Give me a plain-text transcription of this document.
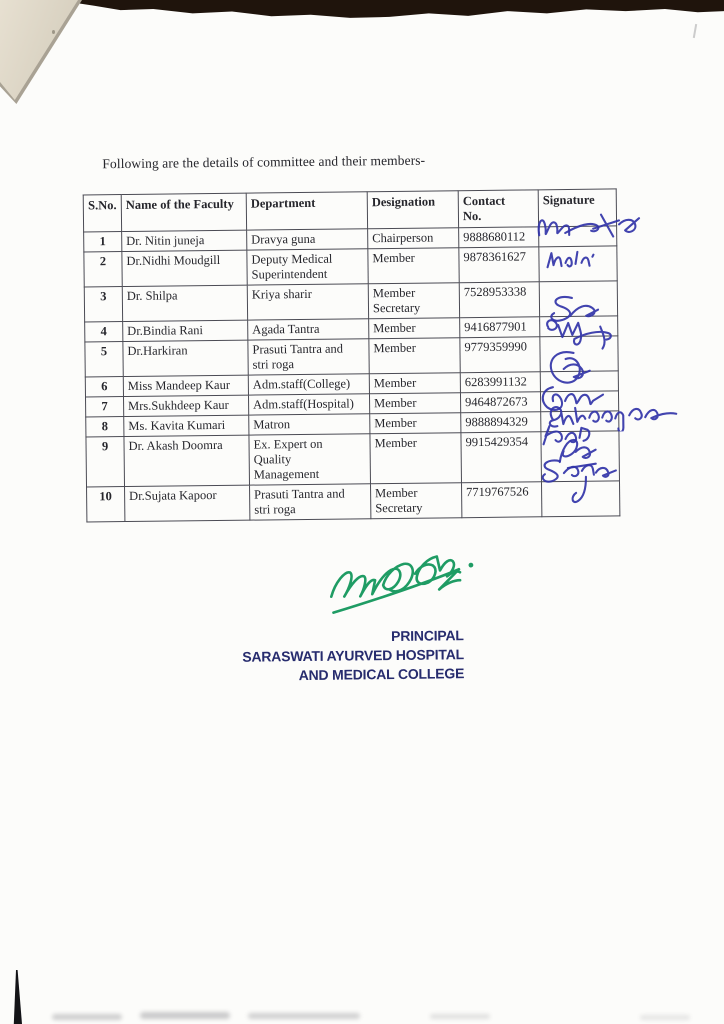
Following are the details of committee and their members-
S.No.	Name of the Faculty	Department	Designation	Contact No.	Signature
1	Dr. Nitin juneja	Dravya guna	Chairperson	9888680112	
2	Dr.Nidhi Moudgill	Deputy Medical Superintendent	Member	9878361627	
3	Dr. Shilpa	Kriya sharir	Member Secretary	7528953338	
4	Dr.Bindia Rani	Agada Tantra	Member	9416877901	
5	Dr.Harkiran	Prasuti Tantra and stri roga	Member	9779359990	
6	Miss Mandeep Kaur	Adm.staff(College)	Member	6283991132	
7	Mrs.Sukhdeep Kaur	Adm.staff(Hospital)	Member	9464872673	
8	Ms. Kavita Kumari	Matron	Member	9888894329	
9	Dr. Akash Doomra	Ex. Expert on Quality Management	Member	9915429354	
10	Dr.Sujata Kapoor	Prasuti Tantra and stri roga	Member Secretary	7719767526	
PRINCIPAL
SARASWATI AYURVED HOSPITAL
AND MEDICAL COLLEGE
